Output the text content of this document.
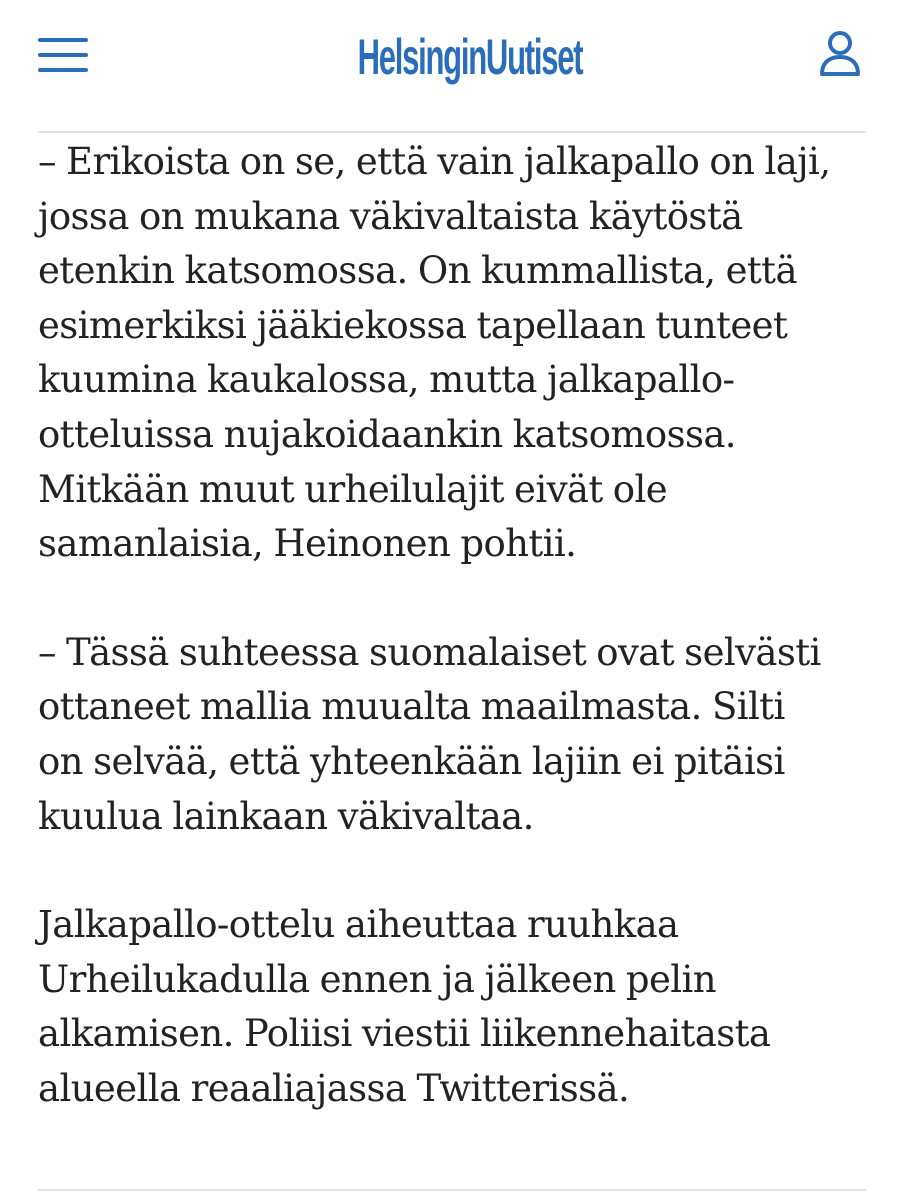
HelsinginUutiset

– Erikoista on se, että vain jalkapallo on laji,
jossa on mukana väkivaltaista käytöstä
etenkin katsomossa. On kummallista, että
esimerkiksi jääkiekossa tapellaan tunteet
kuumina kaukalossa, mutta jalkapallo-
otteluissa nujakoidaankin katsomossa.
Mitkään muut urheilulajit eivät ole
samanlaisia, Heinonen pohtii.

– Tässä suhteessa suomalaiset ovat selvästi
ottaneet mallia muualta maailmasta. Silti
on selvää, että yhteenkään lajiin ei pitäisi
kuulua lainkaan väkivaltaa.

Jalkapallo-ottelu aiheuttaa ruuhkaa
Urheilukadulla ennen ja jälkeen pelin
alkamisen. Poliisi viestii liikennehaitasta
alueella reaaliajassa Twitterissä.
